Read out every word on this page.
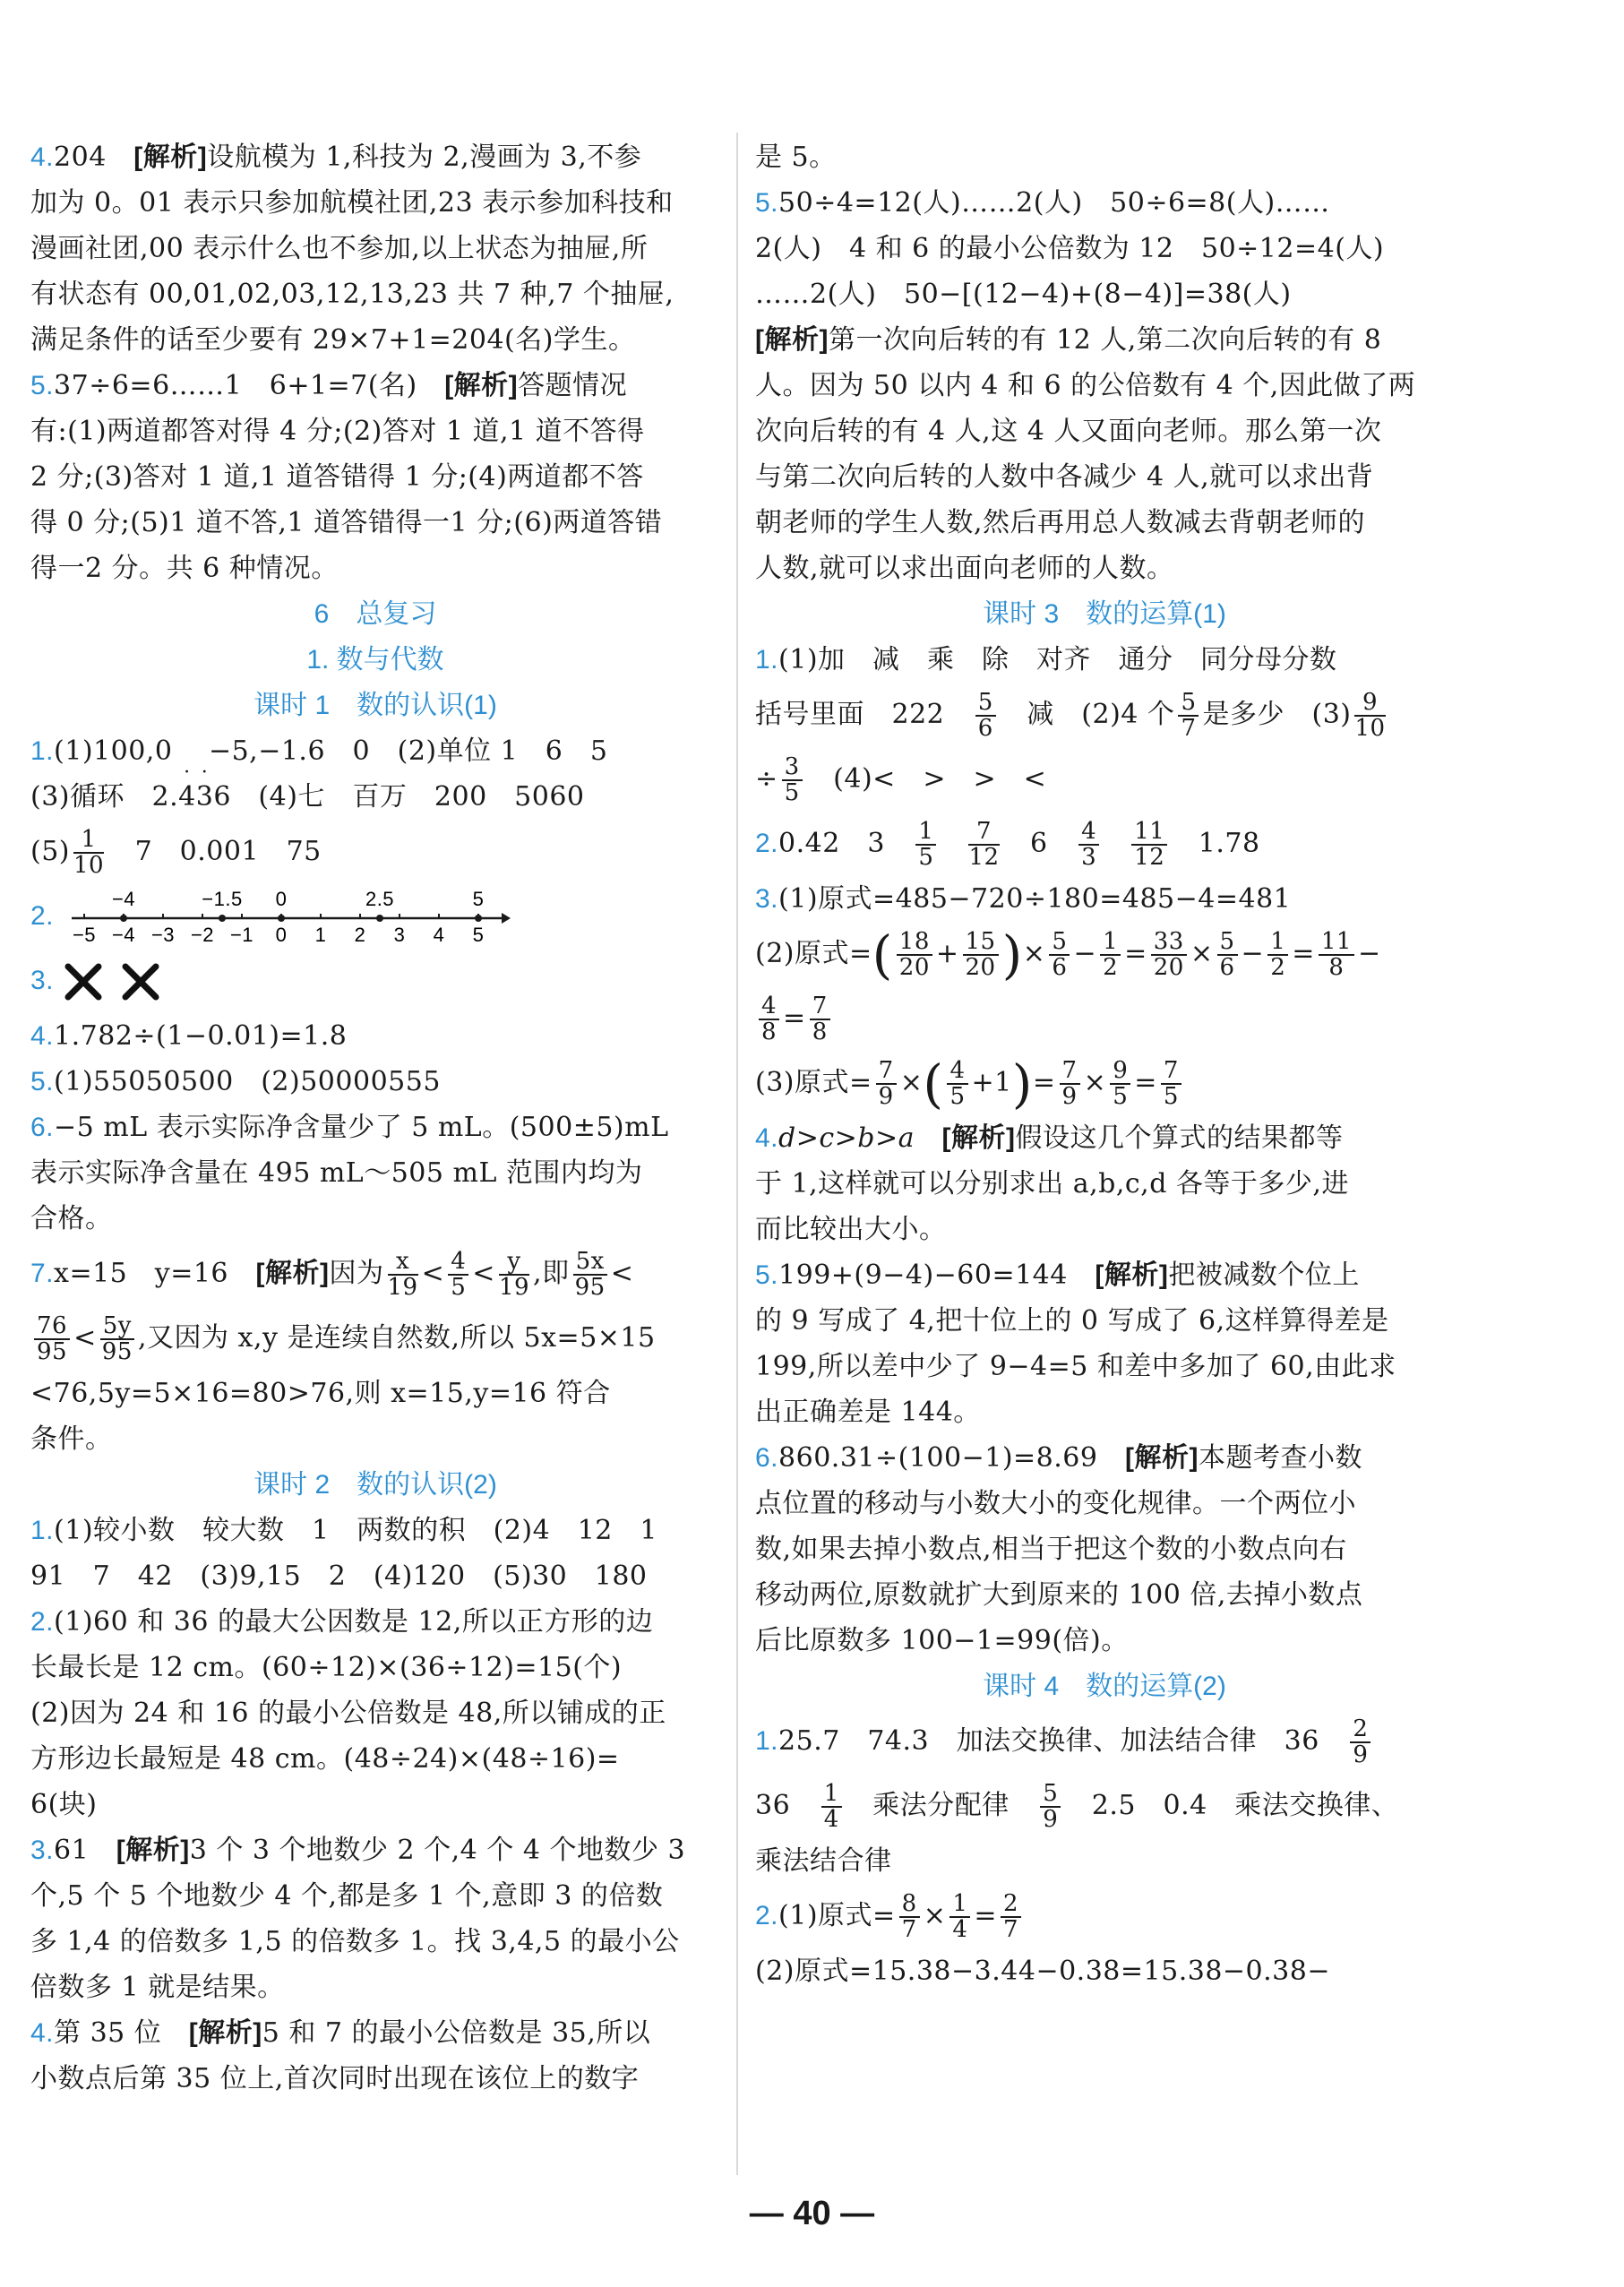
4.204　 [解析]设航模为 1,科技为 2,漫画为 3,不参
加为 0。01 表示只参加航模社团,23 表示参加科技和
漫画社团,00 表示什么也不参加,以上状态为抽屉,所
有状态有 00,01,02,03,12,13,23 共 7 种,7 个抽屉,
满足条件的话至少要有 29×7+1=204(名)学生。
5.37÷6=6……1　6+1=7(名)　[解析]答题情况
有:(1)两道都答对得 4 分;(2)答对 1 道,1 道不答得
2 分;(3)答对 1 道,1 道答错得 1 分;(4)两道都不答
得 0 分;(5)1 道不答,1 道答错得一1 分;(6)两道答错
得一2 分。共 6 种情况。
6　总复习
1. 数与代数
课时 1　数的认识(1)
1.(1)100,0　 −5,−1.6　0　(2)单位 1　6　5
(3)循环　2.43
· ·
6　(4)七　百万　200　5060
$(5) \frac{1}{10}$ 　7　0.001　75
2.
−4	−1.5 0	2.5	5
−5 −4 −3 −2 −1 0 1 2 3 4 5
3.
4.1.782÷(1−0.01)=1.8
5.(1)55050500　(2)50000555
6.−5 mL 表示实际净含量少了 5 mL。(500±5)mL
表示实际净含量在 495 mL～505 mL 范围内均为
合格。
7.x=15　y=16　[解析]因为 $\frac{x}{19} < \frac{4}{5} < \frac{y}{19}$ ,即 $\frac{5x}{95}$ <
$\frac{76}{95} < \frac{5y}{95}$ ,又因为 x,y 是连续自然数,所以 5x=5×15
<76,5y=5×16=80>76,则 x=15,y=16 符合
条件。
课时 2　数的认识(2)
1.(1)较小数　较大数　1　两数的积　(2)4　12　1
91　7　42　(3)9,15　2　(4)120　(5)30　180
2.(1)60 和 36 的最大公因数是 12,所以正方形的边
长最长是 12 cm。(60÷12)×(36÷12)=15(个)
(2)因为 24 和 16 的最小公倍数是 48,所以铺成的正
方形边长最短是 48 cm。(48÷24)×(48÷16)=
6(块)
3.61　[解析]3 个 3 个地数少 2 个,4 个 4 个地数少 3
个,5 个 5 个地数少 4 个,都是多 1 个,意即 3 的倍数
多 1,4 的倍数多 1,5 的倍数多 1。找 3,4,5 的最小公
倍数多 1 就是结果。
4.第 35 位　[解析]5 和 7 的最小公倍数是 35,所以
小数点后第 35 位上,首次同时出现在该位上的数字
是 5。
5.50÷4=12(人)……2(人)　50÷6=8(人)……
2(人)　4 和 6 的最小公倍数为 12　50÷12=4(人)
……2(人)　50−[(12−4)+(8−4)]=38(人)
[解析]第一次向后转的有 12 人,第二次向后转的有 8
人。因为 50 以内 4 和 6 的公倍数有 4 个,因此做了两
次向后转的有 4 人,这 4 人又面向老师。那么第一次
与第二次向后转的人数中各减少 4 人,就可以求出背
朝老师的学生人数,然后再用总人数减去背朝老师的
人数,就可以求出面向老师的人数。
课时 3　数的运算(1)
1.(1)加　减　乘　除　对齐　通分　同分母分数
括号里面　222　 $\frac{5}{6}$ 　减　(2)4 个 $\frac{5}{7}$ 是多少　$(3) \frac{9}{10}$
÷ $\frac{3}{5}$ 　(4)<　>　>　<
2.0.42　3　 $\frac{1}{5} \frac{7}{12}$ 　6　 $\frac{4}{3} \frac{11}{12}$ 　1.78
3.(1)原式=485−720÷180=485−4=481
(2)原式=( $\frac{18}{20} + \frac{15}{20}$ )× $\frac{5}{6} - \frac{1}{2} = \frac{33}{20} \times \frac{5}{6} - \frac{1}{2} = \frac{11}{8}$ −
$\frac{4}{8} = \frac{7}{8}$
(3)原式= $\frac{7}{9}$ ×( $\frac{4}{5} +1)= \frac{7}{9} \times \frac{9}{5} = \frac{7}{5}$
4.d>c>b>a　[解析]假设这几个算式的结果都等
于 1,这样就可以分别求出 a,b,c,d 各等于多少,进
而比较出大小。
5.199+(9−4)−60=144　[解析]把被减数个位上
的 9 写成了 4,把十位上的 0 写成了 6,这样算得差是
199,所以差中少了 9−4=5 和差中多加了 60,由此求
出正确差是 144。
6.860.31÷(100−1)=8.69　[解析]本题考查小数
点位置的移动与小数大小的变化规律。一个两位小
数,如果去掉小数点,相当于把这个数的小数点向右
移动两位,原数就扩大到原来的 100 倍,去掉小数点
后比原数多 100−1=99(倍)。
课时 4　数的运算(2)
1.25.7　74.3　加法交换律、加法结合律　36　 $\frac{2}{9}$
36　 $\frac{1}{4}$ 　乘法分配律　 $\frac{5}{9}$ 　2.5　0.4　乘法交换律、
乘法结合律
2.(1)原式= $\frac{8}{7} \times \frac{1}{4} = \frac{2}{7}$
(2)原式=15.38−3.44−0.38=15.38−0.38−
— 40 —
